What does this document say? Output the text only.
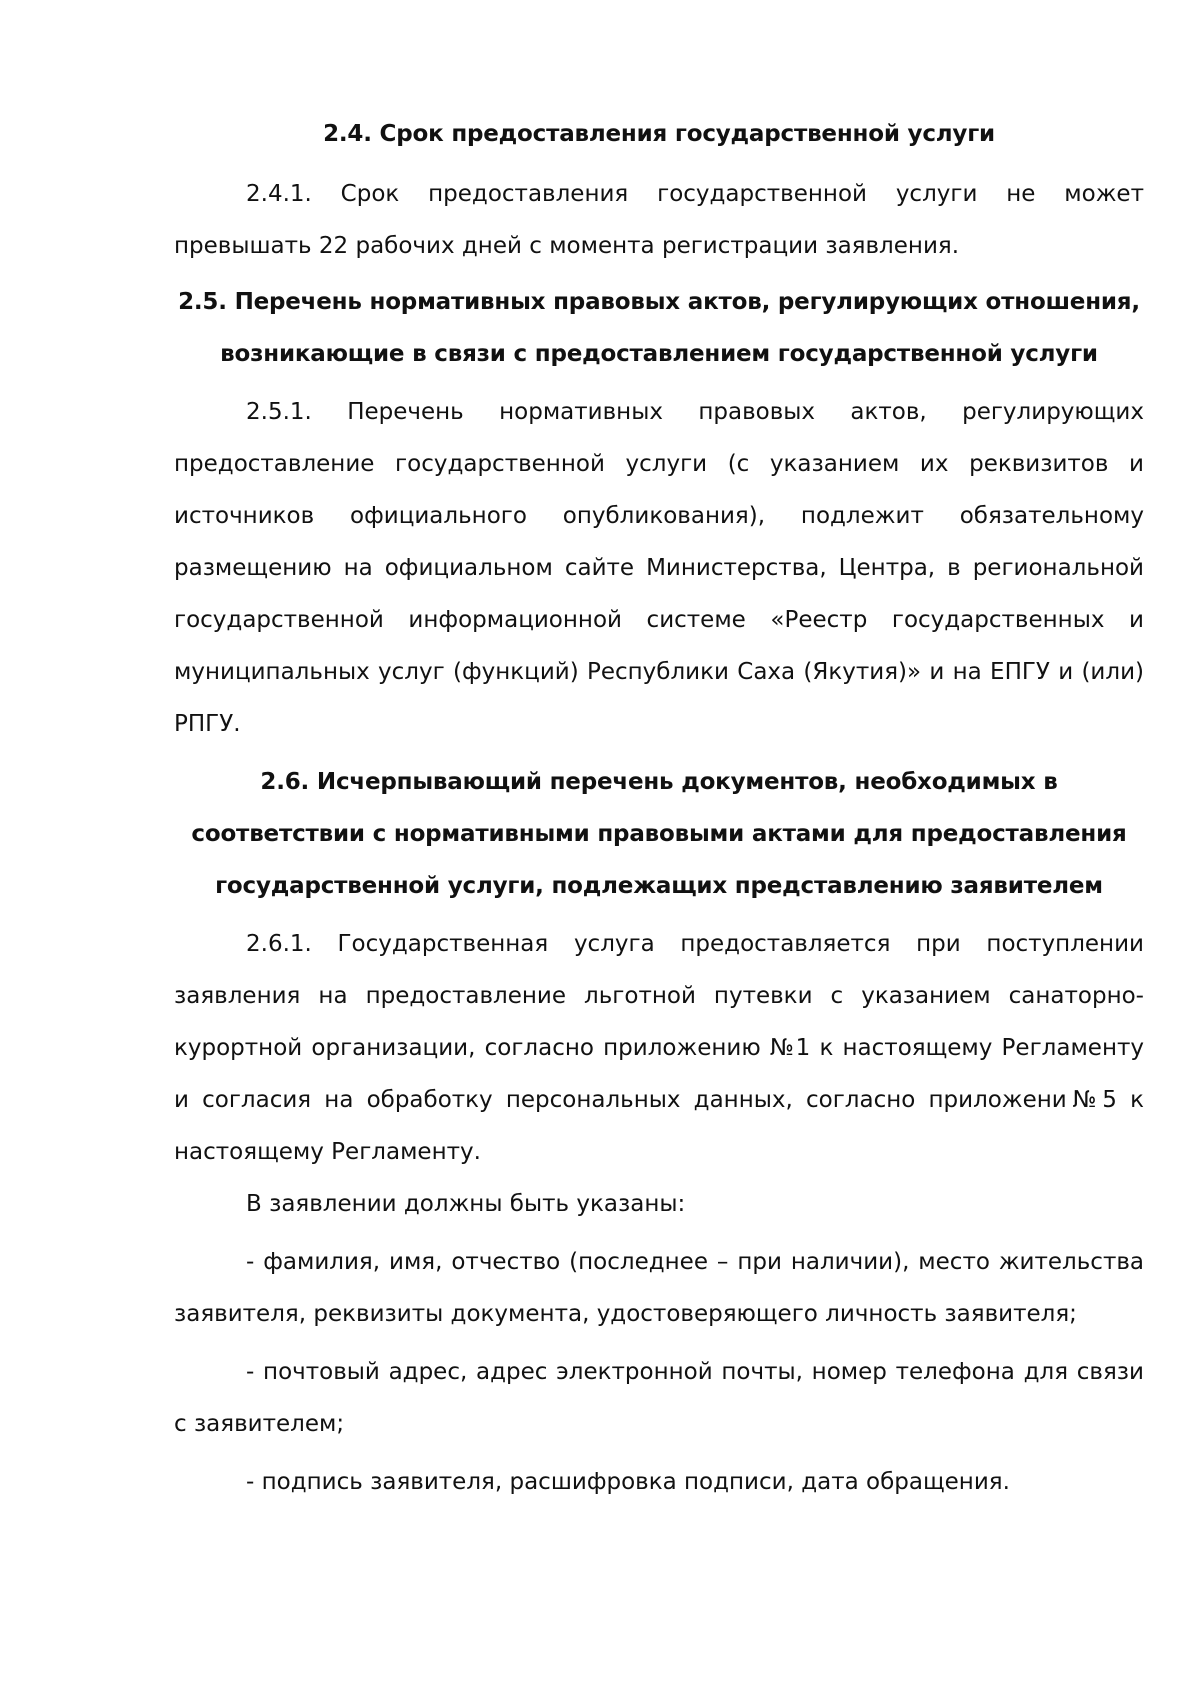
2.4. Срок предоставления государственной услуги
2.4.1. Срок предоставления государственной услуги не может превышать 22 рабочих дней с момента регистрации заявления.
2.5. Перечень нормативных правовых актов, регулирующих отношения, возникающие в связи с предоставлением государственной услуги
2.5.1. Перечень нормативных правовых актов, регулирующих предоставление государственной услуги (с указанием их реквизитов и источников официального опубликования), подлежит обязательному размещению на официальном сайте Министерства, Центра, в региональной государственной информационной системе «Реестр государственных и муниципальных услуг (функций) Республики Саха (Якутия)» и на ЕПГУ и (или) РПГУ.
2.6. Исчерпывающий перечень документов, необходимых в соответствии с нормативными правовыми актами для предоставления государственной услуги, подлежащих представлению заявителем
2.6.1. Государственная услуга предоставляется при поступлении заявления на предоставление льготной путевки с указанием санаторно-курортной организации, согласно приложению №1 к настоящему Регламенту и согласия на обработку персональных данных, согласно приложени№5 к настоящему Регламенту.
В заявлении должны быть указаны:
- фамилия, имя, отчество (последнее – при наличии), место жительства заявителя, реквизиты документа, удостоверяющего личность заявителя;
- почтовый адрес, адрес электронной почты, номер телефона для связи с заявителем;
- подпись заявителя, расшифровка подписи, дата обращения.
